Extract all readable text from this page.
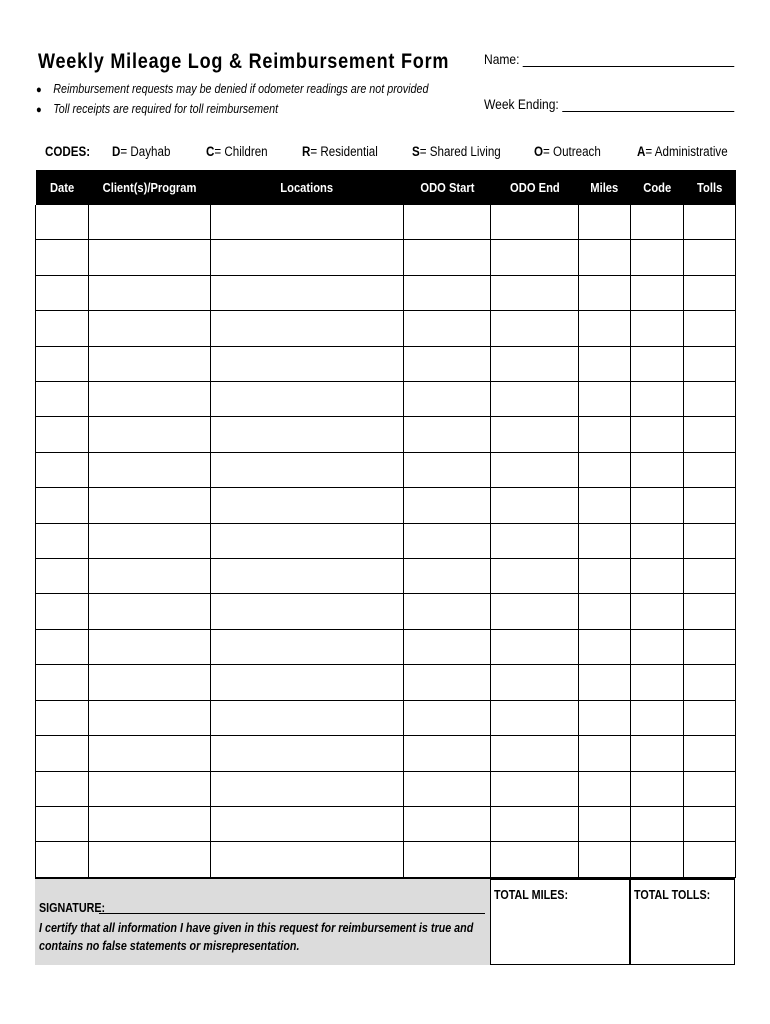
Weekly Mileage Log & Reimbursement Form
● Reimbursement requests may be denied if odometer readings are not provided
● Toll receipts are required for toll reimbursement
Name:
Week Ending:
CODES: D= Dayhab	C= Children	R= Residential	S= Shared Living O= Outreach	A= Administrative
Date	Client(s)/Program	Locations	ODO Start	ODO End	Miles	Code	Tolls

SIGNATURE:
I certify that all information I have given in this request for reimbursement is true and contains no false statements or misrepresentation.
TOTAL MILES:	TOTAL TOLLS:
